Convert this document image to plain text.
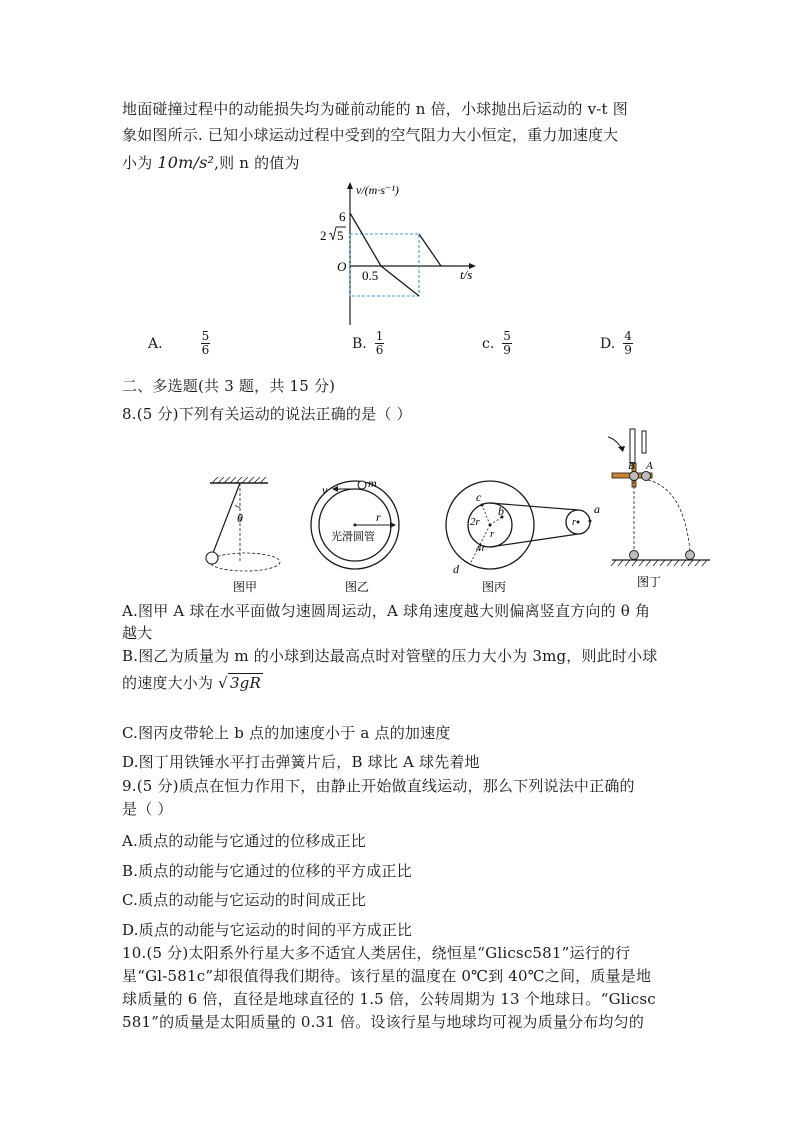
地面碰撞过程中的动能损失均为碰前动能的 n 倍，小球抛出后运动的 v-t 图
象如图所示. 已知小球运动过程中受到的空气阻力大小恒定，重力加速度大
小为 10m/s²,则 n 的值为
v/(m·s⁻¹)
t/s
O
6
2 5
0.5
A.	$\frac{5}{6}$	B. $\frac{1}{6}$	c. $\frac{5}{9}$	D. $\frac{4}{9}$
二、多选题(共 3 题，共 15 分)
8.(5 分)下列有关运动的说法正确的是（ ）
θ
图甲
v	m
r
光滑圆管
图乙
c
b
2r
r
4r
d
r
a
图丙
B A
图丁
A.图甲 A 球在水平面做匀速圆周运动，A 球角速度越大则偏离竖直方向的 θ 角
越大
B.图乙为质量为 m 的小球到达最高点时对管壁的压力大小为 3mg，则此时小球
的速度大小为 √ 3gR
C.图丙皮带轮上 b 点的加速度小于 a 点的加速度
D.图丁用铁锤水平打击弹簧片后，B 球比 A 球先着地
9.(5 分)质点在恒力作用下，由静止开始做直线运动，那么下列说法中正确的
是（ ）
A.质点的动能与它通过的位移成正比
B.质点的动能与它通过的位移的平方成正比
C.质点的动能与它运动的时间成正比
D.质点的动能与它运动的时间的平方成正比
10.(5 分)太阳系外行星大多不适宜人类居住，绕恒星“Glicsc581”运行的行
星“Gl-581c”却很值得我们期待。该行星的温度在 0℃到 40℃之间，质量是地
球质量的 6 倍，直径是地球直径的 1.5 倍，公转周期为 13 个地球日。“Glicsc
581”的质量是太阳质量的 0.31 倍。设该行星与地球均可视为质量分布均匀的
